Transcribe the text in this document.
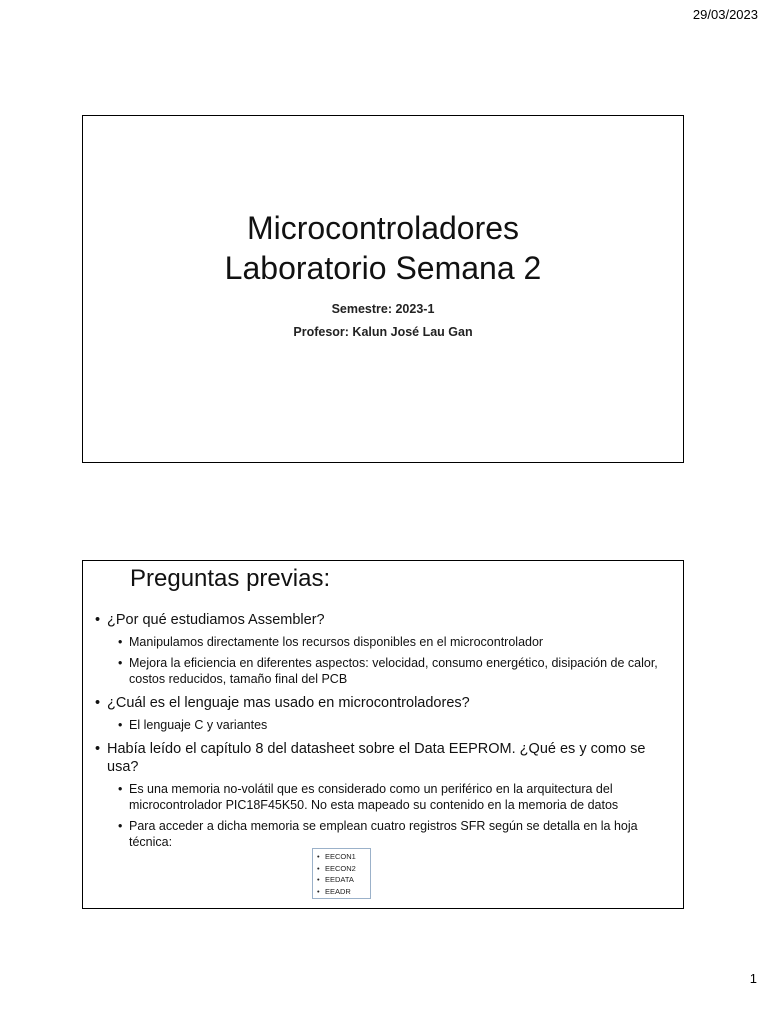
29/03/2023
Microcontroladores
Laboratorio Semana 2
Semestre: 2023-1
Profesor: Kalun José Lau Gan
Preguntas previas:
• ¿Por qué estudiamos Assembler?
• Manipulamos directamente los recursos disponibles en el microcontrolador
• Mejora la eficiencia en diferentes aspectos: velocidad, consumo energético, disipación de calor, costos reducidos, tamaño final del PCB
• ¿Cuál es el lenguaje mas usado en microcontroladores?
• El lenguaje C y variantes
• Había leído el capítulo 8 del datasheet sobre el Data EEPROM. ¿Qué es y como se usa?
• Es una memoria no-volátil que es considerado como un periférico en la arquitectura del microcontrolador PIC18F45K50. No esta mapeado su contenido en la memoria de datos
• Para acceder a dicha memoria se emplean cuatro registros SFR según se detalla en la hoja técnica:
• EECON1
• EECON2
• EEDATA
• EEADR
1
